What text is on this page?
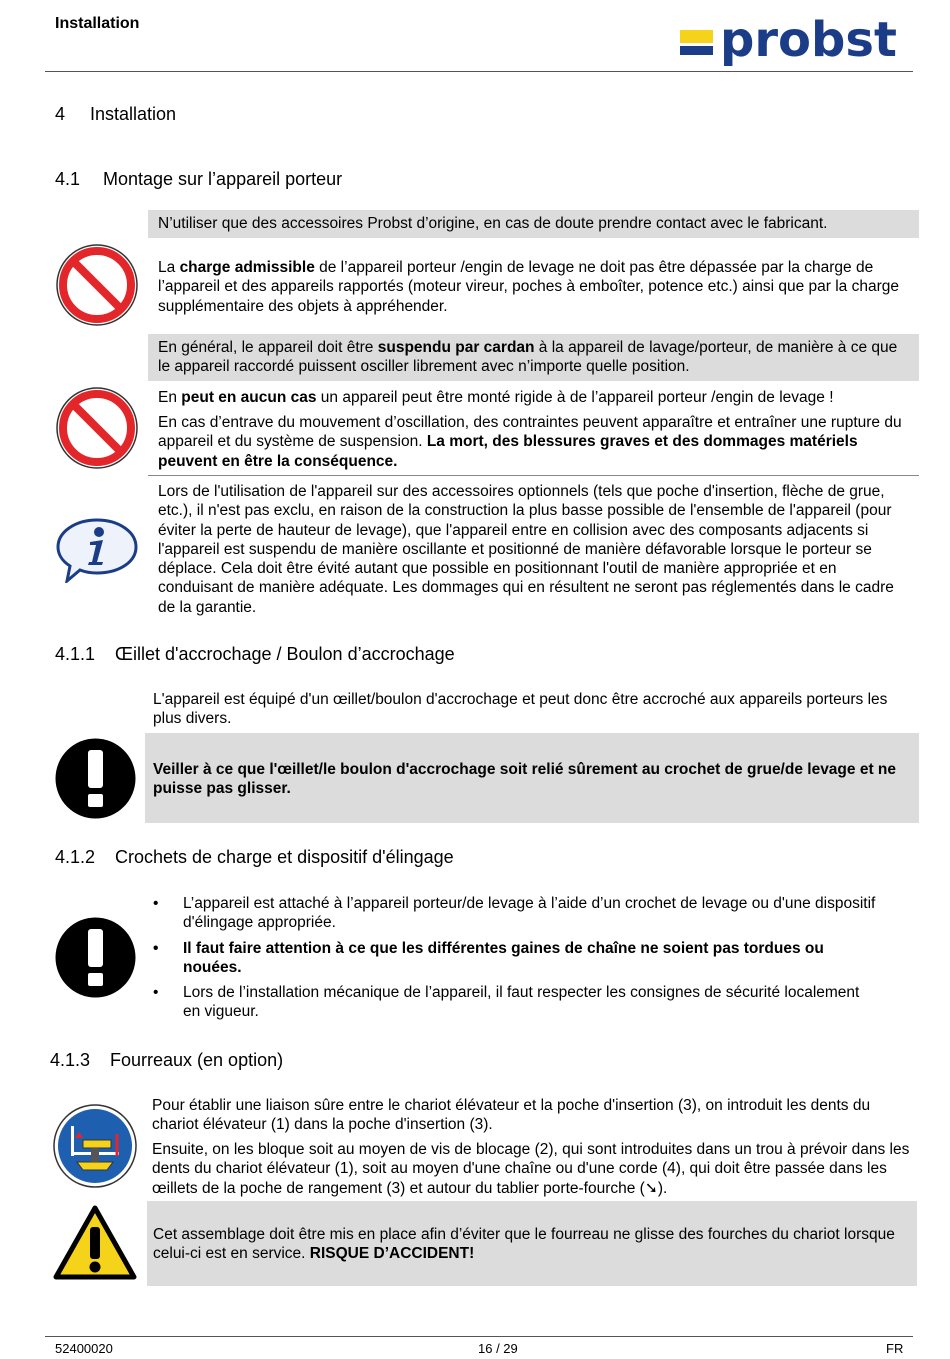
Installation	probst
4 Installation
4.1 Montage sur l’appareil porteur
N’utiliser que des accessoires Probst d’origine, en cas de doute prendre contact avec le fabricant.
La charge admissible de l’appareil porteur /engin de levage ne doit pas être dépassée par la charge de l’appareil et des appareils rapportés (moteur vireur, poches à emboîter, potence etc.) ainsi que par la charge supplémentaire des objets à appréhender.
En général, le appareil doit être suspendu par cardan à la appareil de lavage/porteur, de manière à ce que le appareil raccordé puissent osciller librement avec n’importe quelle position.
En peut en aucun cas un appareil peut être monté rigide à de l’appareil porteur /engin de levage !
En cas d’entrave du mouvement d’oscillation, des contraintes peuvent apparaître et entraîner une rupture du appareil et du système de suspension. La mort, des blessures graves et des dommages matériels peuvent en être la conséquence.
Lors de l'utilisation de l'appareil sur des accessoires optionnels (tels que poche d'insertion, flèche de grue, etc.), il n'est pas exclu, en raison de la construction la plus basse possible de l'ensemble de l'appareil (pour éviter la perte de hauteur de levage), que l'appareil entre en collision avec des composants adjacents si l'appareil est suspendu de manière oscillante et positionné de manière défavorable lorsque le porteur se déplace. Cela doit être évité autant que possible en positionnant l'outil de manière appropriée et en conduisant de manière adéquate. Les dommages qui en résultent ne seront pas réglementés dans le cadre de la garantie.
4.1.1 Œillet d'accrochage / Boulon d’accrochage
L'appareil est équipé d'un œillet/boulon d'accrochage et peut donc être accroché aux appareils porteurs les plus divers.
Veiller à ce que l'œillet/le boulon d'accrochage soit relié sûrement au crochet de grue/de levage et ne puisse pas glisser.
4.1.2 Crochets de charge et dispositif d'élingage
• L’appareil est attaché à l’appareil porteur/de levage à l’aide d’un crochet de levage ou d'une dispositif d'élingage appropriée.
• Il faut faire attention à ce que les différentes gaines de chaîne ne soient pas tordues ou nouées.
• Lors de l’installation mécanique de l’appareil, il faut respecter les consignes de sécurité localement en vigueur.
4.1.3 Fourreaux (en option)
Pour établir une liaison sûre entre le chariot élévateur et la poche d'insertion (3), on introduit les dents du chariot élévateur (1) dans la poche d'insertion (3).
Ensuite, on les bloque soit au moyen de vis de blocage (2), qui sont introduites dans un trou à prévoir dans les dents du chariot élévateur (1), soit au moyen d'une chaîne ou d'une corde (4), qui doit être passée dans les œillets de la poche de rangement (3) et autour du tablier porte-fourche (➘).
Cet assemblage doit être mis en place afin d’éviter que le fourreau ne glisse des fourches du chariot lorsque celui-ci est en service. RISQUE D’ACCIDENT!
52400020	16 / 29	FR
